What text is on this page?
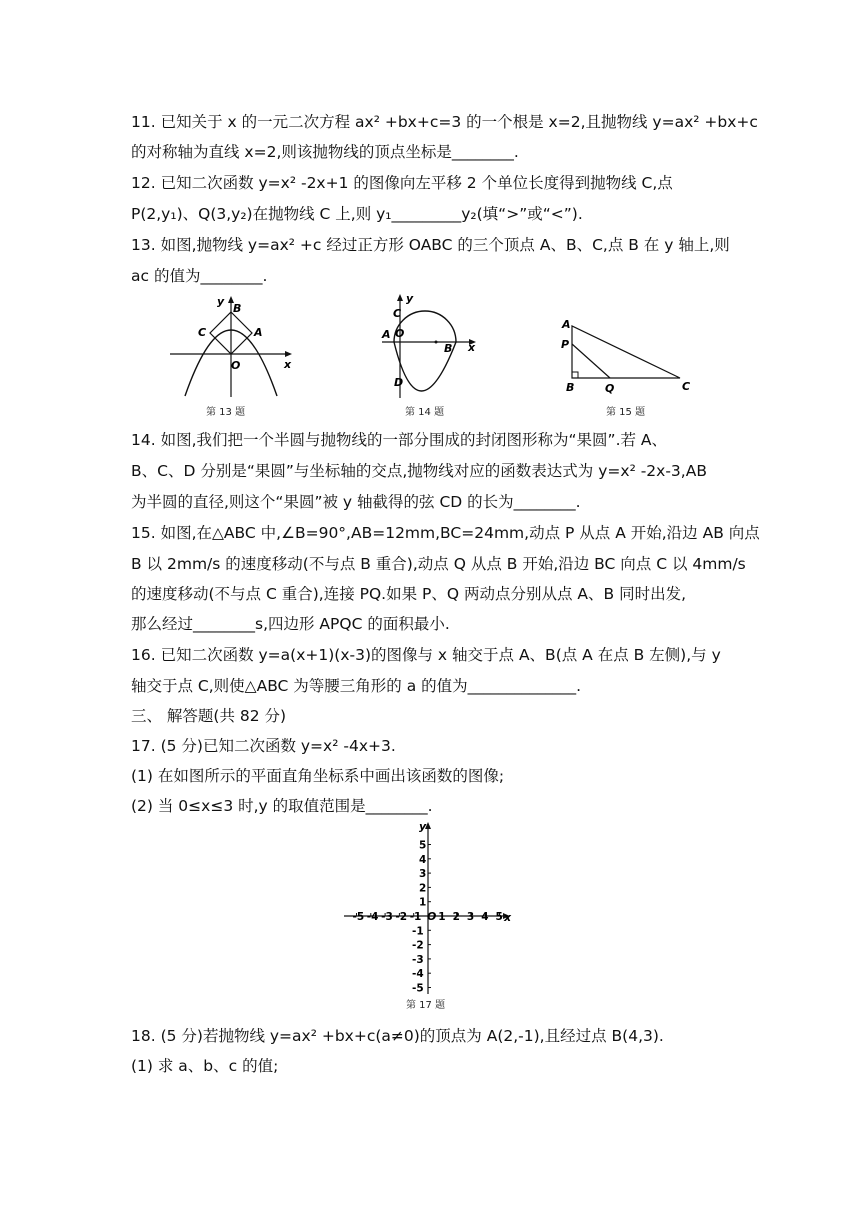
11. 已知关于 x 的一元二次方程 ax² +bx+c=3 的一个根是 x=2,且抛物线 y=ax² +bx+c
的对称轴为直线 x=2,则该抛物线的顶点坐标是________.
12. 已知二次函数 y=x² -2x+1 的图像向左平移 2 个单位长度得到抛物线 C,点
P(2,y₁)、Q(3,y₂)在抛物线 C 上,则 y₁_________y₂(填“>”或“<”).
13. 如图,抛物线 y=ax² +c 经过正方形 OABC 的三个顶点 A、B、C,点 B 在 y 轴上,则
ac 的值为________.
y
B
C	A
O	x
第 13 题
y
C
A O
B x
D
第 14 题
A
P
B	Q	C
第 15 题
14. 如图,我们把一个半圆与抛物线的一部分围成的封闭图形称为“果圆”.若 A、
B、C、D 分别是“果圆”与坐标轴的交点,抛物线对应的函数表达式为 y=x² -2x-3,AB
为半圆的直径,则这个“果圆”被 y 轴截得的弦 CD 的长为________.
15. 如图,在△ABC 中,∠B=90°,AB=12mm,BC=24mm,动点 P 从点 A 开始,沿边 AB 向点
B 以 2mm/s 的速度移动(不与点 B 重合),动点 Q 从点 B 开始,沿边 BC 向点 C 以 4mm/s
的速度移动(不与点 C 重合),连接 PQ.如果 P、Q 两动点分别从点 A、B 同时出发,
那么经过________s,四边形 APQC 的面积最小.
16. 已知二次函数 y=a(x+1)(x-3)的图像与 x 轴交于点 A、B(点 A 在点 B 左侧),与 y
轴交于点 C,则使△ABC 为等腰三角形的 a 的值为______________.
三、 解答题(共 82 分)
17. (5 分)已知二次函数 y=x² -4x+3.
(1) 在如图所示的平面直角坐标系中画出该函数的图像;
(2) 当 0≤x≤3 时,y 的取值范围是________.
-5 -4 -3 -2 -1 1 2 3 4 5
5
4
3
2
1
-1
-2
-3
-4
-5
y
x
O
第 17 题
18. (5 分)若抛物线 y=ax² +bx+c(a≠0)的顶点为 A(2,-1),且经过点 B(4,3).
(1) 求 a、b、c 的值;
